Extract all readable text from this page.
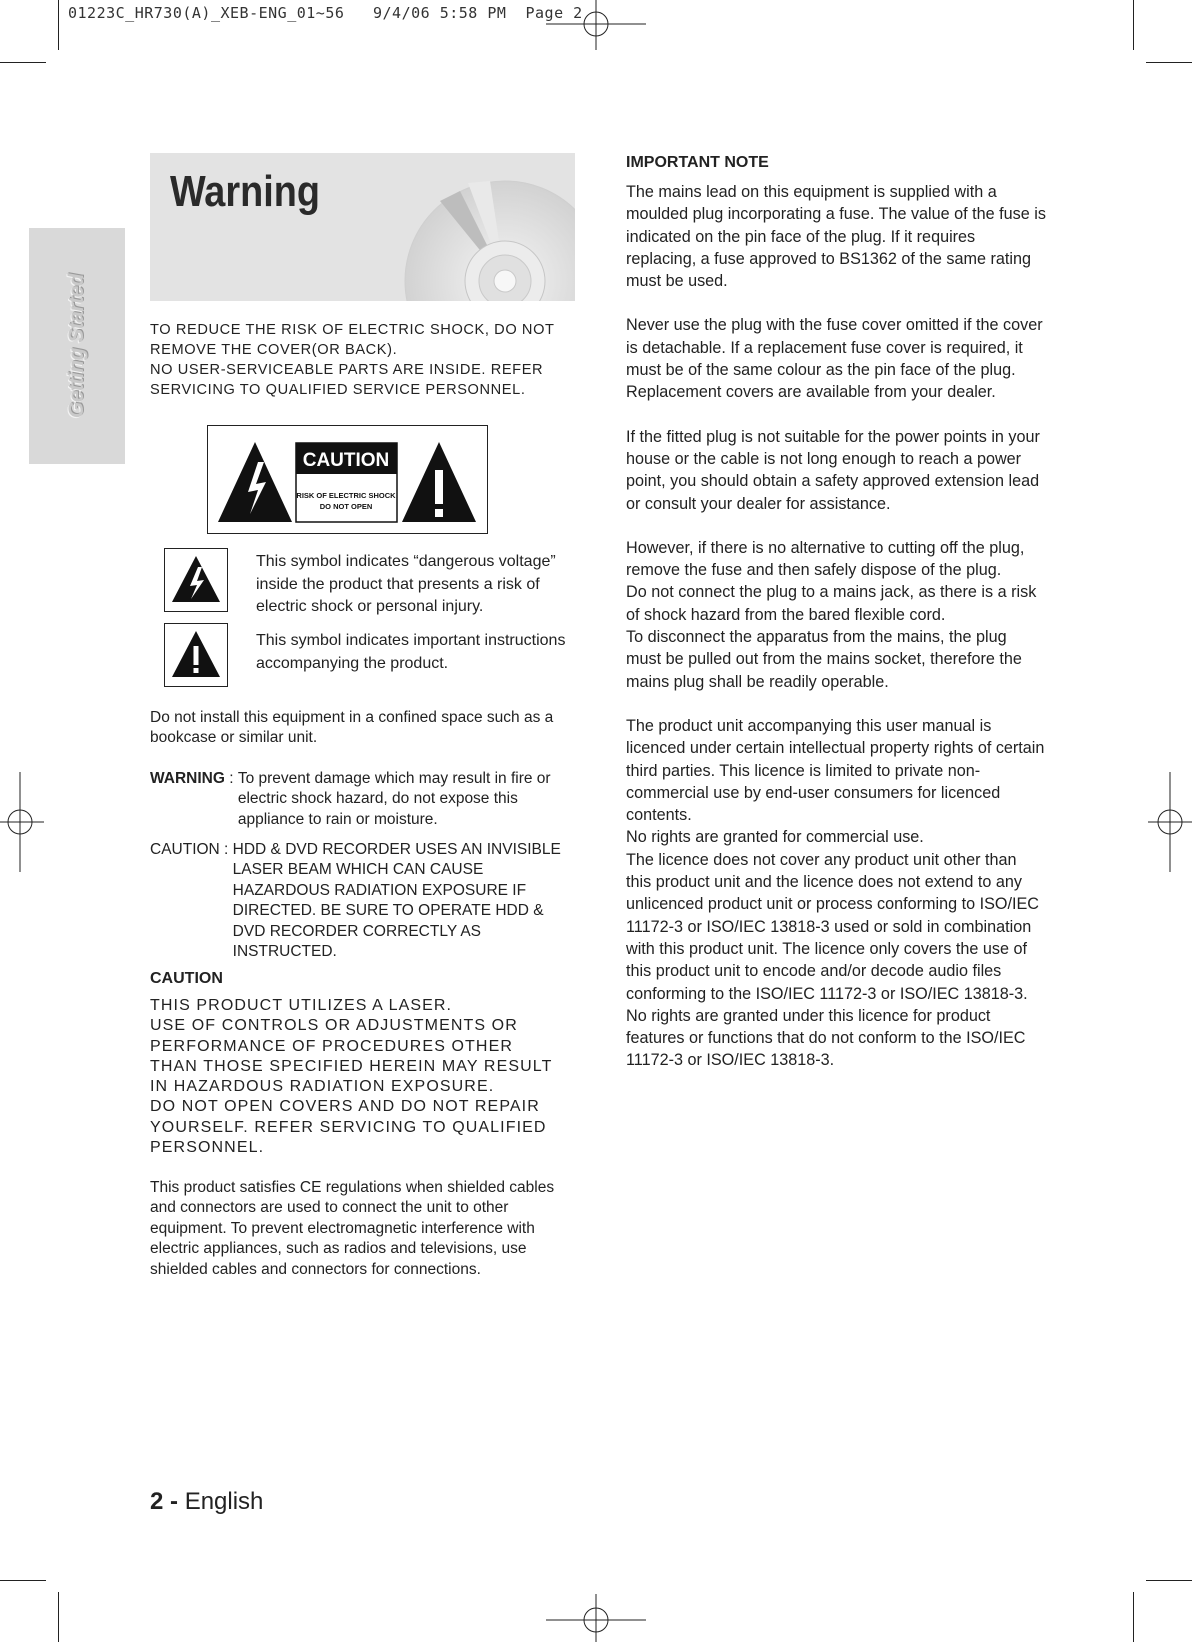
01223C_HR730(A)_XEB-ENG_01~56   9/4/06 5:58 PM  Page 2
Getting Started
Warning

TO REDUCE THE RISK OF ELECTRIC SHOCK, DO NOT

REMOVE THE COVER(OR BACK).

NO USER-SERVICEABLE PARTS ARE INSIDE. REFER

SERVICING TO QUALIFIED SERVICE PERSONNEL.

CAUTION
RISK OF ELECTRIC SHOCK
DO NOT OPEN
This symbol indicates “dangerous voltage” inside the product that presents a risk of electric shock or personal injury.
This symbol indicates important instructions accompanying the product.
Do not install this equipment in a confined space such as a bookcase or similar unit.
WARNING : To prevent damage which may result in fire or electric shock hazard, do not expose this appliance to rain or moisture.
CAUTION : HDD & DVD RECORDER USES AN INVISIBLE LASER BEAM WHICH CAN CAUSE HAZARDOUS RADIATION EXPOSURE IF DIRECTED. BE SURE TO OPERATE HDD & DVD RECORDER CORRECTLY AS INSTRUCTED.
CAUTION

THIS PRODUCT UTILIZES A LASER.

USE OF CONTROLS OR ADJUSTMENTS OR

PERFORMANCE OF PROCEDURES OTHER

THAN THOSE SPECIFIED HEREIN MAY RESULT

IN HAZARDOUS RADIATION EXPOSURE.

DO NOT OPEN COVERS AND DO NOT REPAIR

YOURSELF. REFER SERVICING TO QUALIFIED

PERSONNEL.

This product satisfies CE regulations when shielded cables and connectors are used to connect the unit to other equipment. To prevent electromagnetic interference with electric appliances, such as radios and televisions, use shielded cables and connectors for connections.
IMPORTANT NOTE

The mains lead on this equipment is supplied with a moulded plug incorporating a fuse. The value of the fuse is indicated on the pin face of the plug. If it requires replacing, a fuse approved to BS1362 of the same rating must be used.

Never use the plug with the fuse cover omitted if the cover is detachable. If a replacement fuse cover is required, it must be of the same colour as the pin face of the plug. Replacement covers are available from your dealer.

If the fitted plug is not suitable for the power points in your house or the cable is not long enough to reach a power point, you should obtain a safety approved extension lead or consult your dealer for assistance.

However, if there is no alternative to cutting off the plug, remove the fuse and then safely dispose of the plug.

Do not connect the plug to a mains jack, as there is a risk of shock hazard from the bared flexible cord.

To disconnect the apparatus from the mains, the plug must be pulled out from the mains socket, therefore the mains plug shall be readily operable.

The product unit accompanying this user manual is licenced under certain intellectual property rights of certain third parties. This licence is limited to private non-commercial use by end-user consumers for licenced contents.

No rights are granted for commercial use.

The licence does not cover any product unit other than this product unit and the licence does not extend to any unlicenced product unit or process conforming to ISO/IEC 11172-3 or ISO/IEC 13818-3 used or sold in combination with this product unit. The licence only covers the use of this product unit to encode and/or decode audio files conforming to the ISO/IEC 11172-3 or ISO/IEC 13818-3. No rights are granted under this licence for product features or functions that do not conform to the ISO/IEC 11172-3 or ISO/IEC 13818-3.

2 - English
